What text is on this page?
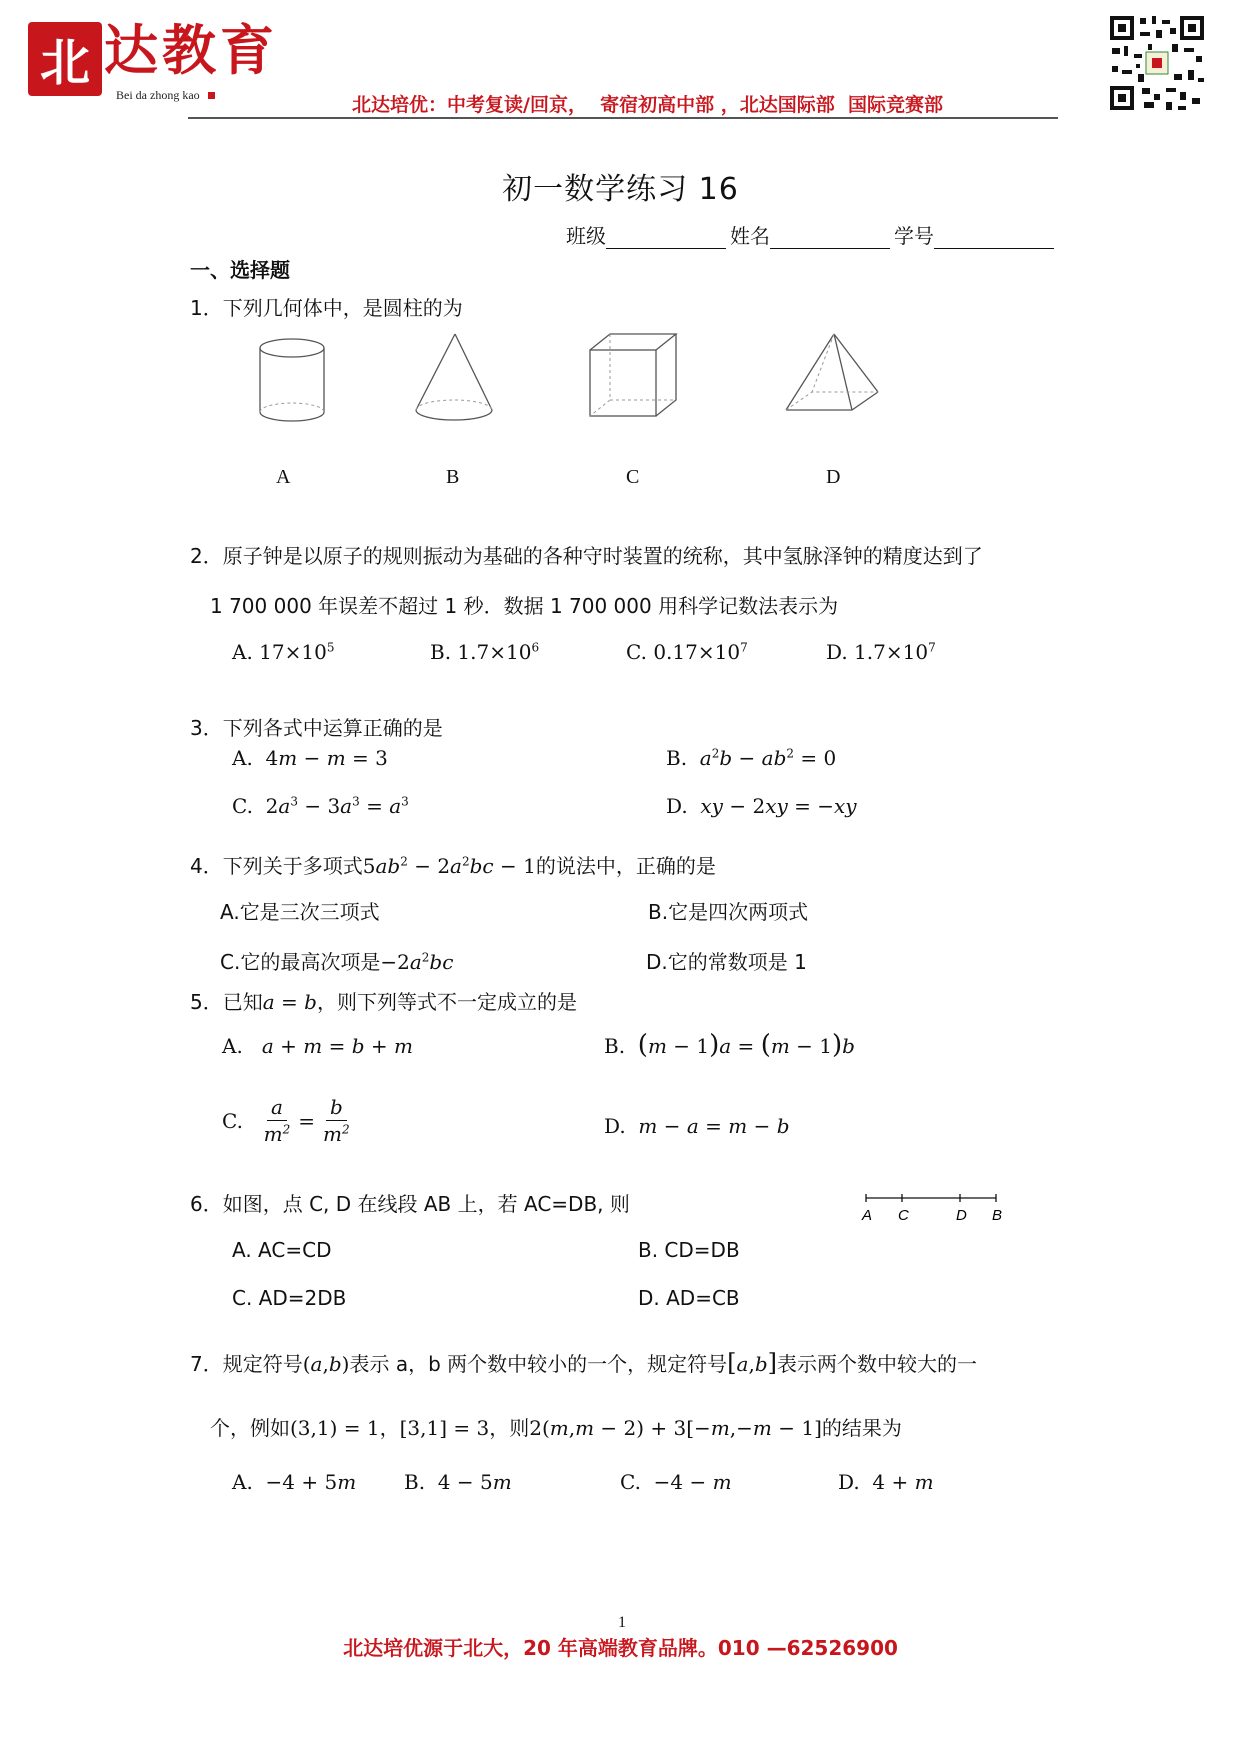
北 达教育
Bei da zhong kao	北达培优：中考复读/回京，  寄宿初高中部 ，北达国际部  国际竞赛部
初一数学练习 16
班级	姓名	学号
一、选择题
1．下列几何体中，是圆柱的为
A	B	C	D
2．原子钟是以原子的规则振动为基础的各种守时装置的统称，其中氢脉泽钟的精度达到了
1 700 000 年误差不超过 1 秒．数据 1 700 000 用科学记数法表示为
A. $17\times 10^5$	B. $1.7\times 10^6$	C. $0.17\times 10^7$	D. $1.7\times 10^7$
3．下列各式中运算正确的是
A.  4m − m = 3	B.  $a^2b - ab^2 = 0$
C.  $2a^3 - 3a^3 = a^3$	D.  xy − 2xy = −xy
4．下列关于多项式$5ab^2 - 2a^2bc - 1$的说法中，正确的是
A.它是三次三项式	B.它是四次两项式
C.它的最高次项是$-2a^2bc$	D.它的常数项是 1
5．已知a = b，则下列等式不一定成立的是
A.   a + m = b + m	B.  (m − 1)a = (m − 1)b
C. $\frac{a}{m^2} = \frac{b}{m^2}$	D.  m − a = m − b
6．如图，点 C, D 在线段 AB 上，若 AC=DB, 则	A C	D B
A. AC=CD	B. CD=DB
C. AD=2DB	D. AD=CB
7．规定符号(a,b)表示 a，b 两个数中较小的一个，规定符号[a,b]表示两个数中较大的一
个，例如(3,1) = 1，[3,1] = 3，则2(m,m − 2) + 3[−m,−m − 1]的结果为
A.  −4 + 5m B.  4 − 5m	C.  −4 − m	D.  4 + m
1
北达培优源于北大，20 年高端教育品牌。010 —62526900
